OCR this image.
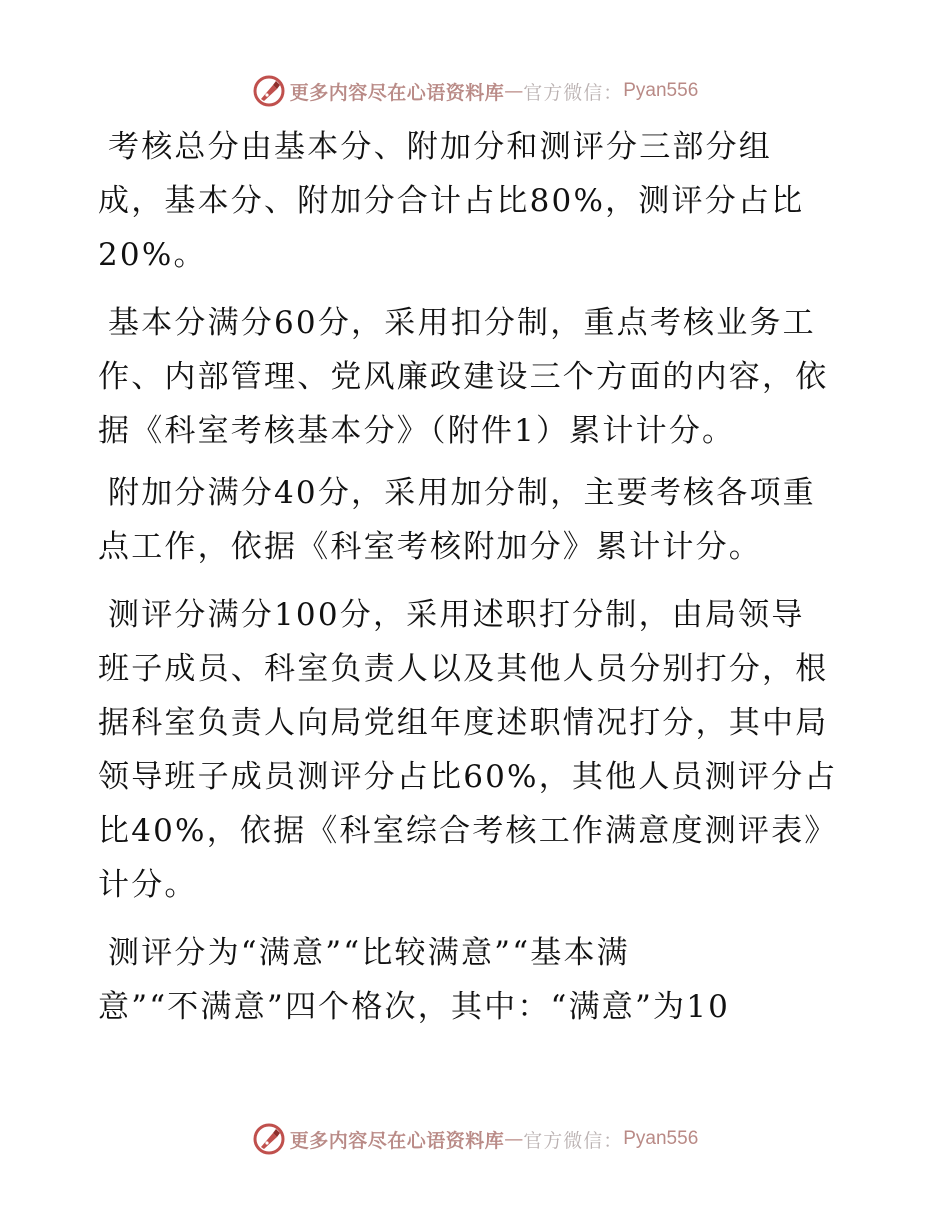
更多内容尽在心语资料库 — 官方微信： Pyan556
考核总分由基本分、附加分和测评分三部分组
成，基本分、附加分合计占比80%，测评分占比
20%。
基本分满分60分，采用扣分制，重点考核业务工
作、内部管理、党风廉政建设三个方面的内容，依
据《科室考核基本分》（附件1）累计计分。
附加分满分40分，采用加分制，主要考核各项重
点工作，依据《科室考核附加分》累计计分。
测评分满分100分，采用述职打分制，由局领导
班子成员、科室负责人以及其他人员分别打分，根
据科室负责人向局党组年度述职情况打分，其中局
领导班子成员测评分占比60%，其他人员测评分占
比40%，依据《科室综合考核工作满意度测评表》
计分。
测评分为“满意”“比较满意”“基本满
意”“不满意”四个格次，其中：“满意”为10
更多内容尽在心语资料库 — 官方微信： Pyan556
